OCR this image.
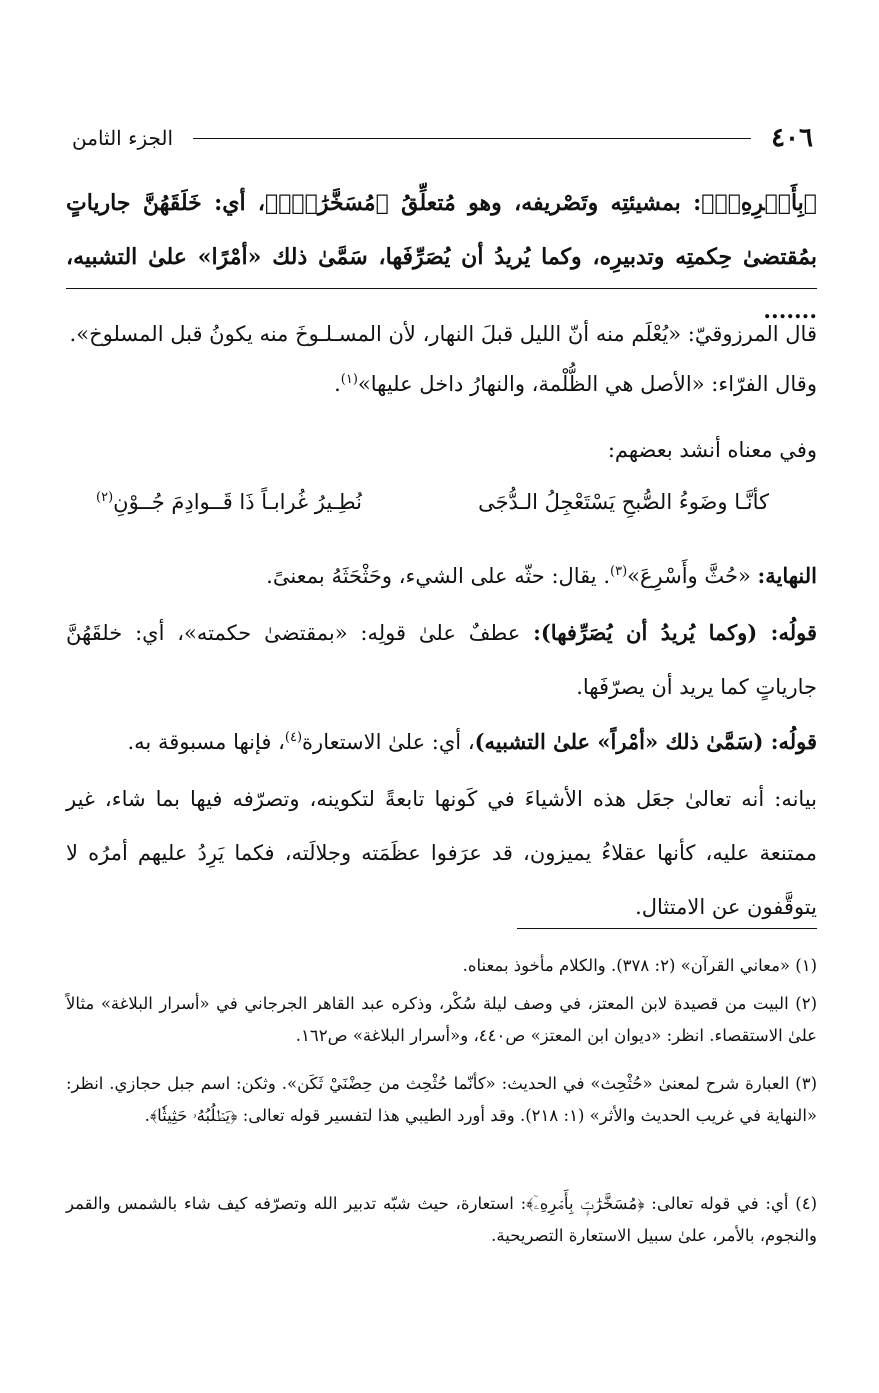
٤٠٦
الجزء الثامن
﴿بِأَمۡرِهِۦٓ﴾: بمشيئتِه وتَصْريفه، وهو مُتعلِّقُ ﴿مُسَخَّرَٰتِۭ﴾، أي: خَلَقَهُنَّ جارياتٍ بمُقتضىٰ حِكمتِه وتدبيرِه، وكما يُريدُ أن يُصَرِّفَها، سَمَّىٰ ذلك «أمْرًا» علىٰ التشبيه، .......
قال المرزوقيّ: «يُعْلَم منه أنّ الليل قبلَ النهار، لأن المسـلـوخَ منه يكونُ قبل المسلوخ».
وقال الفرّاء: «الأصل هي الظُّلْمة، والنهارُ داخل عليها»$^{(١)}$.
وفي معناه أنشد بعضهم:
كأنَّـا وضَوءُ الصُّبحِ يَسْتَعْجِلُ الـدُّجَى
نُطِـيرُ غُرابـاً ذَا قَــوادِمَ جُــوْنِ$^{(٢)}$
النهاية: «حُثَّ وأَسْرِعَ»$^{(٣)}$. يقال: حثّه على الشيء، وحَثْحَثَهُ بمعنىً.
قولُه: (وكما يُريدُ أن يُصَرِّفها): عطفٌ علىٰ قولِه: «بمقتضىٰ حكمته»، أي: خلقَهُنَّ جارياتٍ كما يريد أن يصرّفَها.
قولُه: (سَمَّىٰ ذلك «أمْراً» علىٰ التشبيه)، أي: علىٰ الاستعارة$^{(٤)}$، فإنها مسبوقة به.
بيانه: أنه تعالىٰ جعَل هذه الأشياءَ في كَونها تابعةً لتكوينه، وتصرّفه فيها بما شاء، غير ممتنعة عليه، كأنها عقلاءُ يميزون، قد عرَفوا عظَمَته وجلالَته، فكما يَرِدُ عليهم أمرُه لا يتوقَّفون عن الامتثال.
(١) «معاني القرآن» (٢: ٣٧٨). والكلام مأخوذ بمعناه.
(٢) البيت من قصيدة لابن المعتز، في وصف ليلة سُكْر، وذكره عبد القاهر الجرجاني في «أسرار البلاغة» مثالاً علىٰ الاستقصاء. انظر: «ديوان ابن المعتز» ص٤٤٠، و«أسرار البلاغة» ص١٦٢.
(٣) العبارة شرح لمعنىٰ «حُثْحِث» في الحديث: «كأنّما حُثْحِث من حِضْنَيْ ثَكَن». وثكن: اسم جبل حجازي. انظر: «النهاية في غريب الحديث والأثر» (١: ٢١٨). وقد أورد الطيبي هذا لتفسير قوله تعالى: ﴿يَطۡلُبُهُۥ حَثِيثٗا﴾.
(٤) أي: في قوله تعالى: ﴿مُسَخَّرَٰتِۭ بِأَمۡرِهِۦٓ﴾: استعارة، حيث شبّه تدبير الله وتصرّفه كيف شاء بالشمس والقمر والنجوم، بالأمر، علىٰ سبيل الاستعارة التصريحية.
